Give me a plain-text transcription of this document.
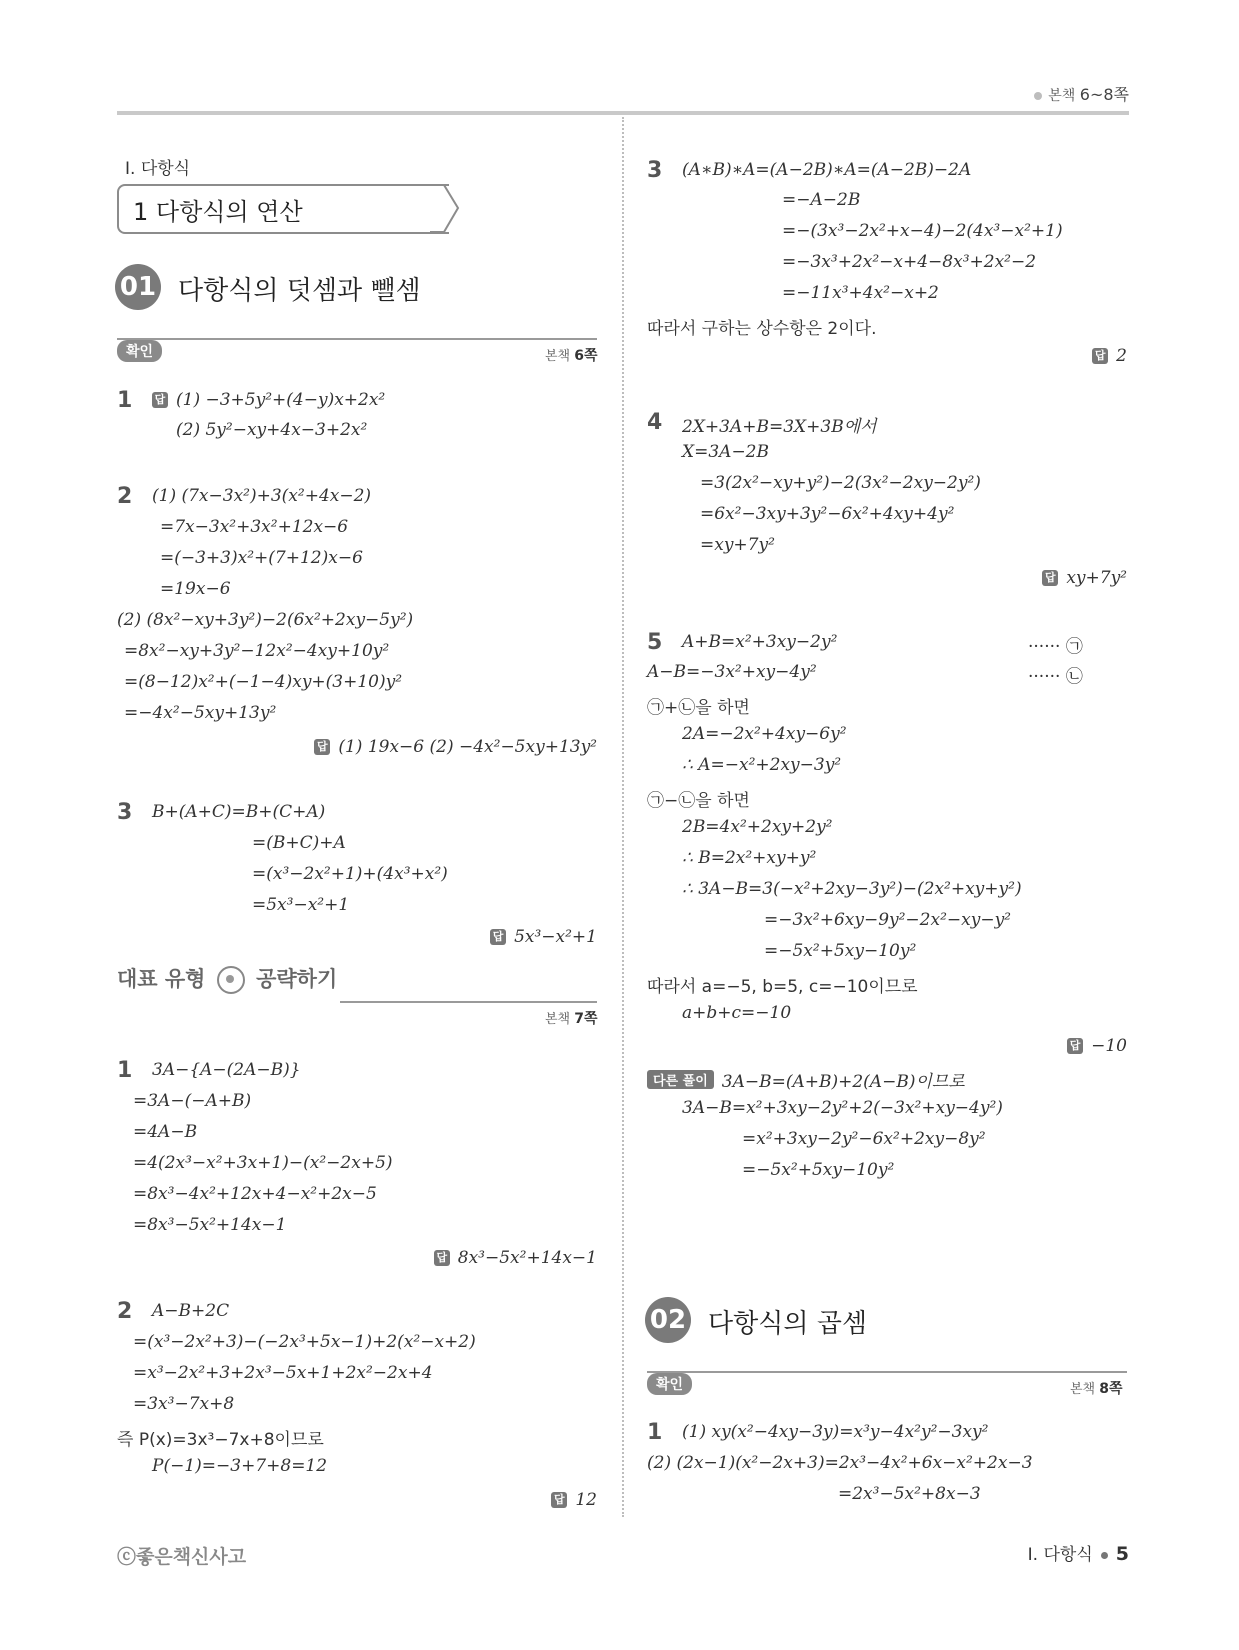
본책 6~8쪽
Ⅰ. 다항식
1 다항식의 연산
01 다항식의 덧셈과 뺄셈
확인	본책 6쪽
1 답 (1) −3+5y²+(4−y)x+2x²
(2) 5y²−xy+4x−3+2x²
2 (1) (7x−3x²)+3(x²+4x−2)
=7x−3x²+3x²+12x−6
=(−3+3)x²+(7+12)x−6
=19x−6
(2) (8x²−xy+3y²)−2(6x²+2xy−5y²)
=8x²−xy+3y²−12x²−4xy+10y²
=(8−12)x²+(−1−4)xy+(3+10)y²
=−4x²−5xy+13y²
답 (1) 19x−6 (2) −4x²−5xy+13y²
3 B+(A+C)=B+(C+A)
=(B+C)+A
=(x³−2x²+1)+(4x³+x²)
=5x³−x²+1
답 5x³−x²+1
대표 유형 공략하기
본책 7쪽
1 3A−{A−(2A−B)}
=3A−(−A+B)
=4A−B
=4(2x³−x²+3x+1)−(x²−2x+5)
=8x³−4x²+12x+4−x²+2x−5
=8x³−5x²+14x−1
답 8x³−5x²+14x−1
2 A−B+2C
=(x³−2x²+3)−(−2x³+5x−1)+2(x²−x+2)
=x³−2x²+3+2x³−5x+1+2x²−2x+4
=3x³−7x+8
즉 P(x)=3x³−7x+8이므로
P(−1)=−3+7+8=12
답 12
3 (A∗B)∗A=(A−2B)∗A=(A−2B)−2A
=−A−2B
=−(3x³−2x²+x−4)−2(4x³−x²+1)
=−3x³+2x²−x+4−8x³+2x²−2
=−11x³+4x²−x+2
따라서 구하는 상수항은 2이다.
답 2
4 2X+3A+B=3X+3B에서
X=3A−2B
=3(2x²−xy+y²)−2(3x²−2xy−2y²)
=6x²−3xy+3y²−6x²+4xy+4y²
=xy+7y²
답 xy+7y²
5 A+B=x²+3xy−2y²	······ ㉠
A−B=−3x²+xy−4y²	······ ㉡
㉠+㉡을 하면
2A=−2x²+4xy−6y²
∴ A=−x²+2xy−3y²
㉠−㉡을 하면
2B=4x²+2xy+2y²
∴ B=2x²+xy+y²
∴ 3A−B=3(−x²+2xy−3y²)−(2x²+xy+y²)
=−3x²+6xy−9y²−2x²−xy−y²
=−5x²+5xy−10y²
따라서 a=−5, b=5, c=−10이므로
a+b+c=−10
답 −10
다른 풀이 3A−B=(A+B)+2(A−B)이므로
3A−B=x²+3xy−2y²+2(−3x²+xy−4y²)
=x²+3xy−2y²−6x²+2xy−8y²
=−5x²+5xy−10y²
02 다항식의 곱셈
확인	본책 8쪽
1 (1) xy(x²−4xy−3y)=x³y−4x²y²−3xy²
(2) (2x−1)(x²−2x+3)=2x³−4x²+6x−x²+2x−3
=2x³−5x²+8x−3
ⓒ좋은책신사고	Ⅰ. 다항식 5
